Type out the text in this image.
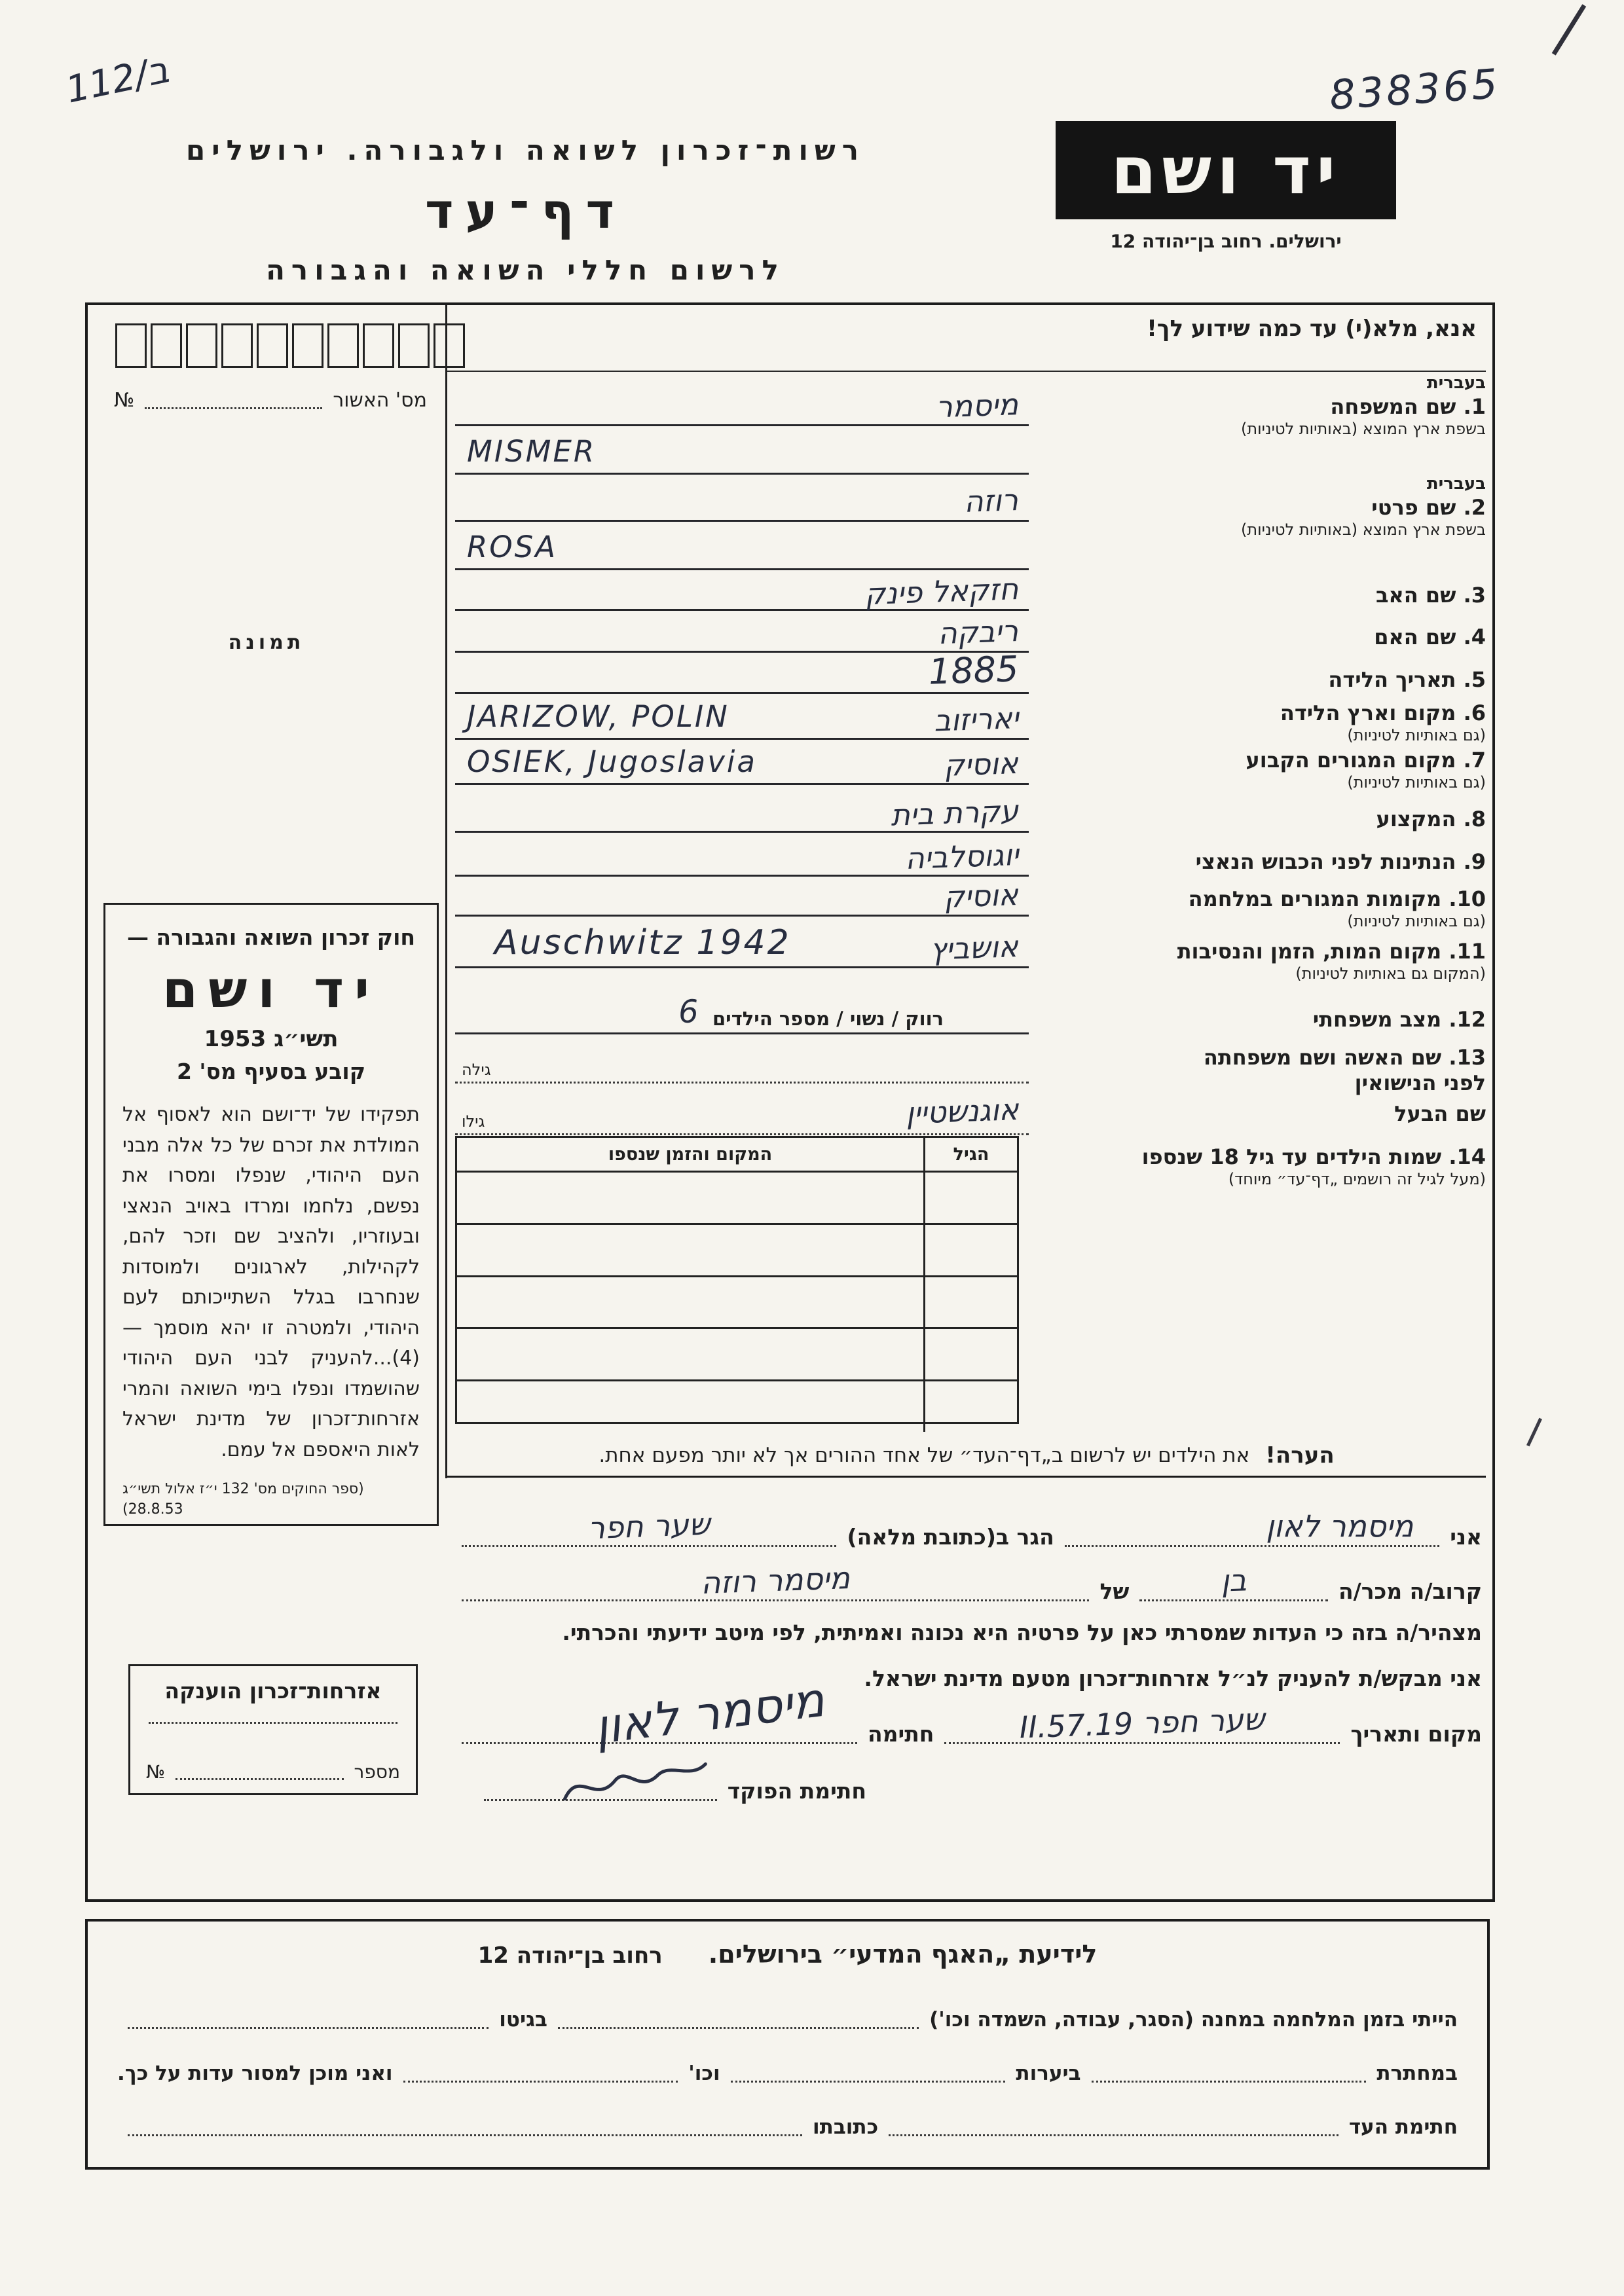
112/ב	838365
רשות־זכרון לשואה ולגבורה. ירושלים
דף־עד
לרשום חללי השואה והגבורה
יד ושם
ירושלים. רחוב בן־יהודה 12
מס' האשור
№
תמונה
חוק זכרון השואה והגבורה —
יד ושם
תשי״ג 1953
קובע בסעיף מס' 2
תפקידו של יד־ושם הוא לאסוף אל המולדת את זכרם של כל אלה מבני העם היהודי, שנפלו ומסרו את נפשם, נלחמו ומרדו באויב הנאצי ובעוזריו, ולהציב שם וזכר להם, לקהילות, לארגונים ולמוסדות שנחרבו בגלל השתייכותם לעם היהודי, ולמטרה זו יהא מוסמך — (4)...להעניק לבני העם היהודי שהושמדו ונפלו בימי השואה והמרי אזרחות־זכרון של מדינת ישראל לאות היאספם אל עמם.
(ספר החוקים מס' 132 י״ז אלול תשי״ג 28.8.53)
אזרחות־זכרון הוענקה
מספר
№
אנא, מלא(י) עד כמה שידוע לך!
בעברית
1. שם המשפחה
בשפת ארץ המוצא (באותיות לטיניות)
מיסמר
MISMER
בעברית
2. שם פרטי
בשפת ארץ המוצא (באותיות לטיניות)
רוזה
ROSA
3. שם האב
חזקאל פינק
4. שם האם
ריבקה
5. תאריך הלידה
1885
6. מקום וארץ הלידה
(גם באותיות לטיניות)
JARIZOW, POLIN	יאריזוב
7. מקום המגורים הקבוע
(גם באותיות לטיניות)
OSIEK, Jugoslavia	אוסיק
8. המקצוע
עקרת בית
9. הנתינות לפני הכבוש הנאצי
יוגוסלביה
10. מקומות המגורים במלחמה
(גם באותיות לטיניות)
אוסיק
11. מקום המות, הזמן והנסיבות
(המקום גם באותיות לטיניות)
Auschwitz 1942	אושביץ
12. מצב משפחתי
רווק / נשוי / מספר הילדים
6
13. שם האשה ושם משפחתה
לפני הנישואין
גילה
שם הבעל
גילו	אוגנשטיין
14. שמות הילדים עד גיל 18 שנספו
(מעל לגיל זה רושמים „דף־עד״ מיוחד)
הגיל
המקום והזמן שנספו
הערה!
את הילדים יש לרשום ב„דף־העד״ של אחד ההורים אך לא יותר מפעם אחת.
אני
מיסמר לאון
הגר ב(כתובת מלאה)
שער חפר
קרוב/ה מכר/ה
בן
של
מיסמר רוזה
מצהיר/ה בזה כי העדות שמסרתי כאן על פרטיה היא נכונה ואמיתית, לפי מיטב ידיעתי והכרתי.
אני מבקש/ת להעניק לנ״ל אזרחות־זכרון מטעם מדינת ישראל.
מקום ותאריך
שער חפר 19.II.57
חתימה
מיסמר לאון
חתימת הפוקד
לידיעת „האגף המדעי״ בירושלים.
רחוב בן־יהודה 12
הייתי בזמן המלחמה במחנה (הסגר, עבודה, השמדה וכו')
בגיטו
במחתרת
ביערות
וכו'
ואני מוכן למסור עדות על כך.
חתימת העד
כתובתו
